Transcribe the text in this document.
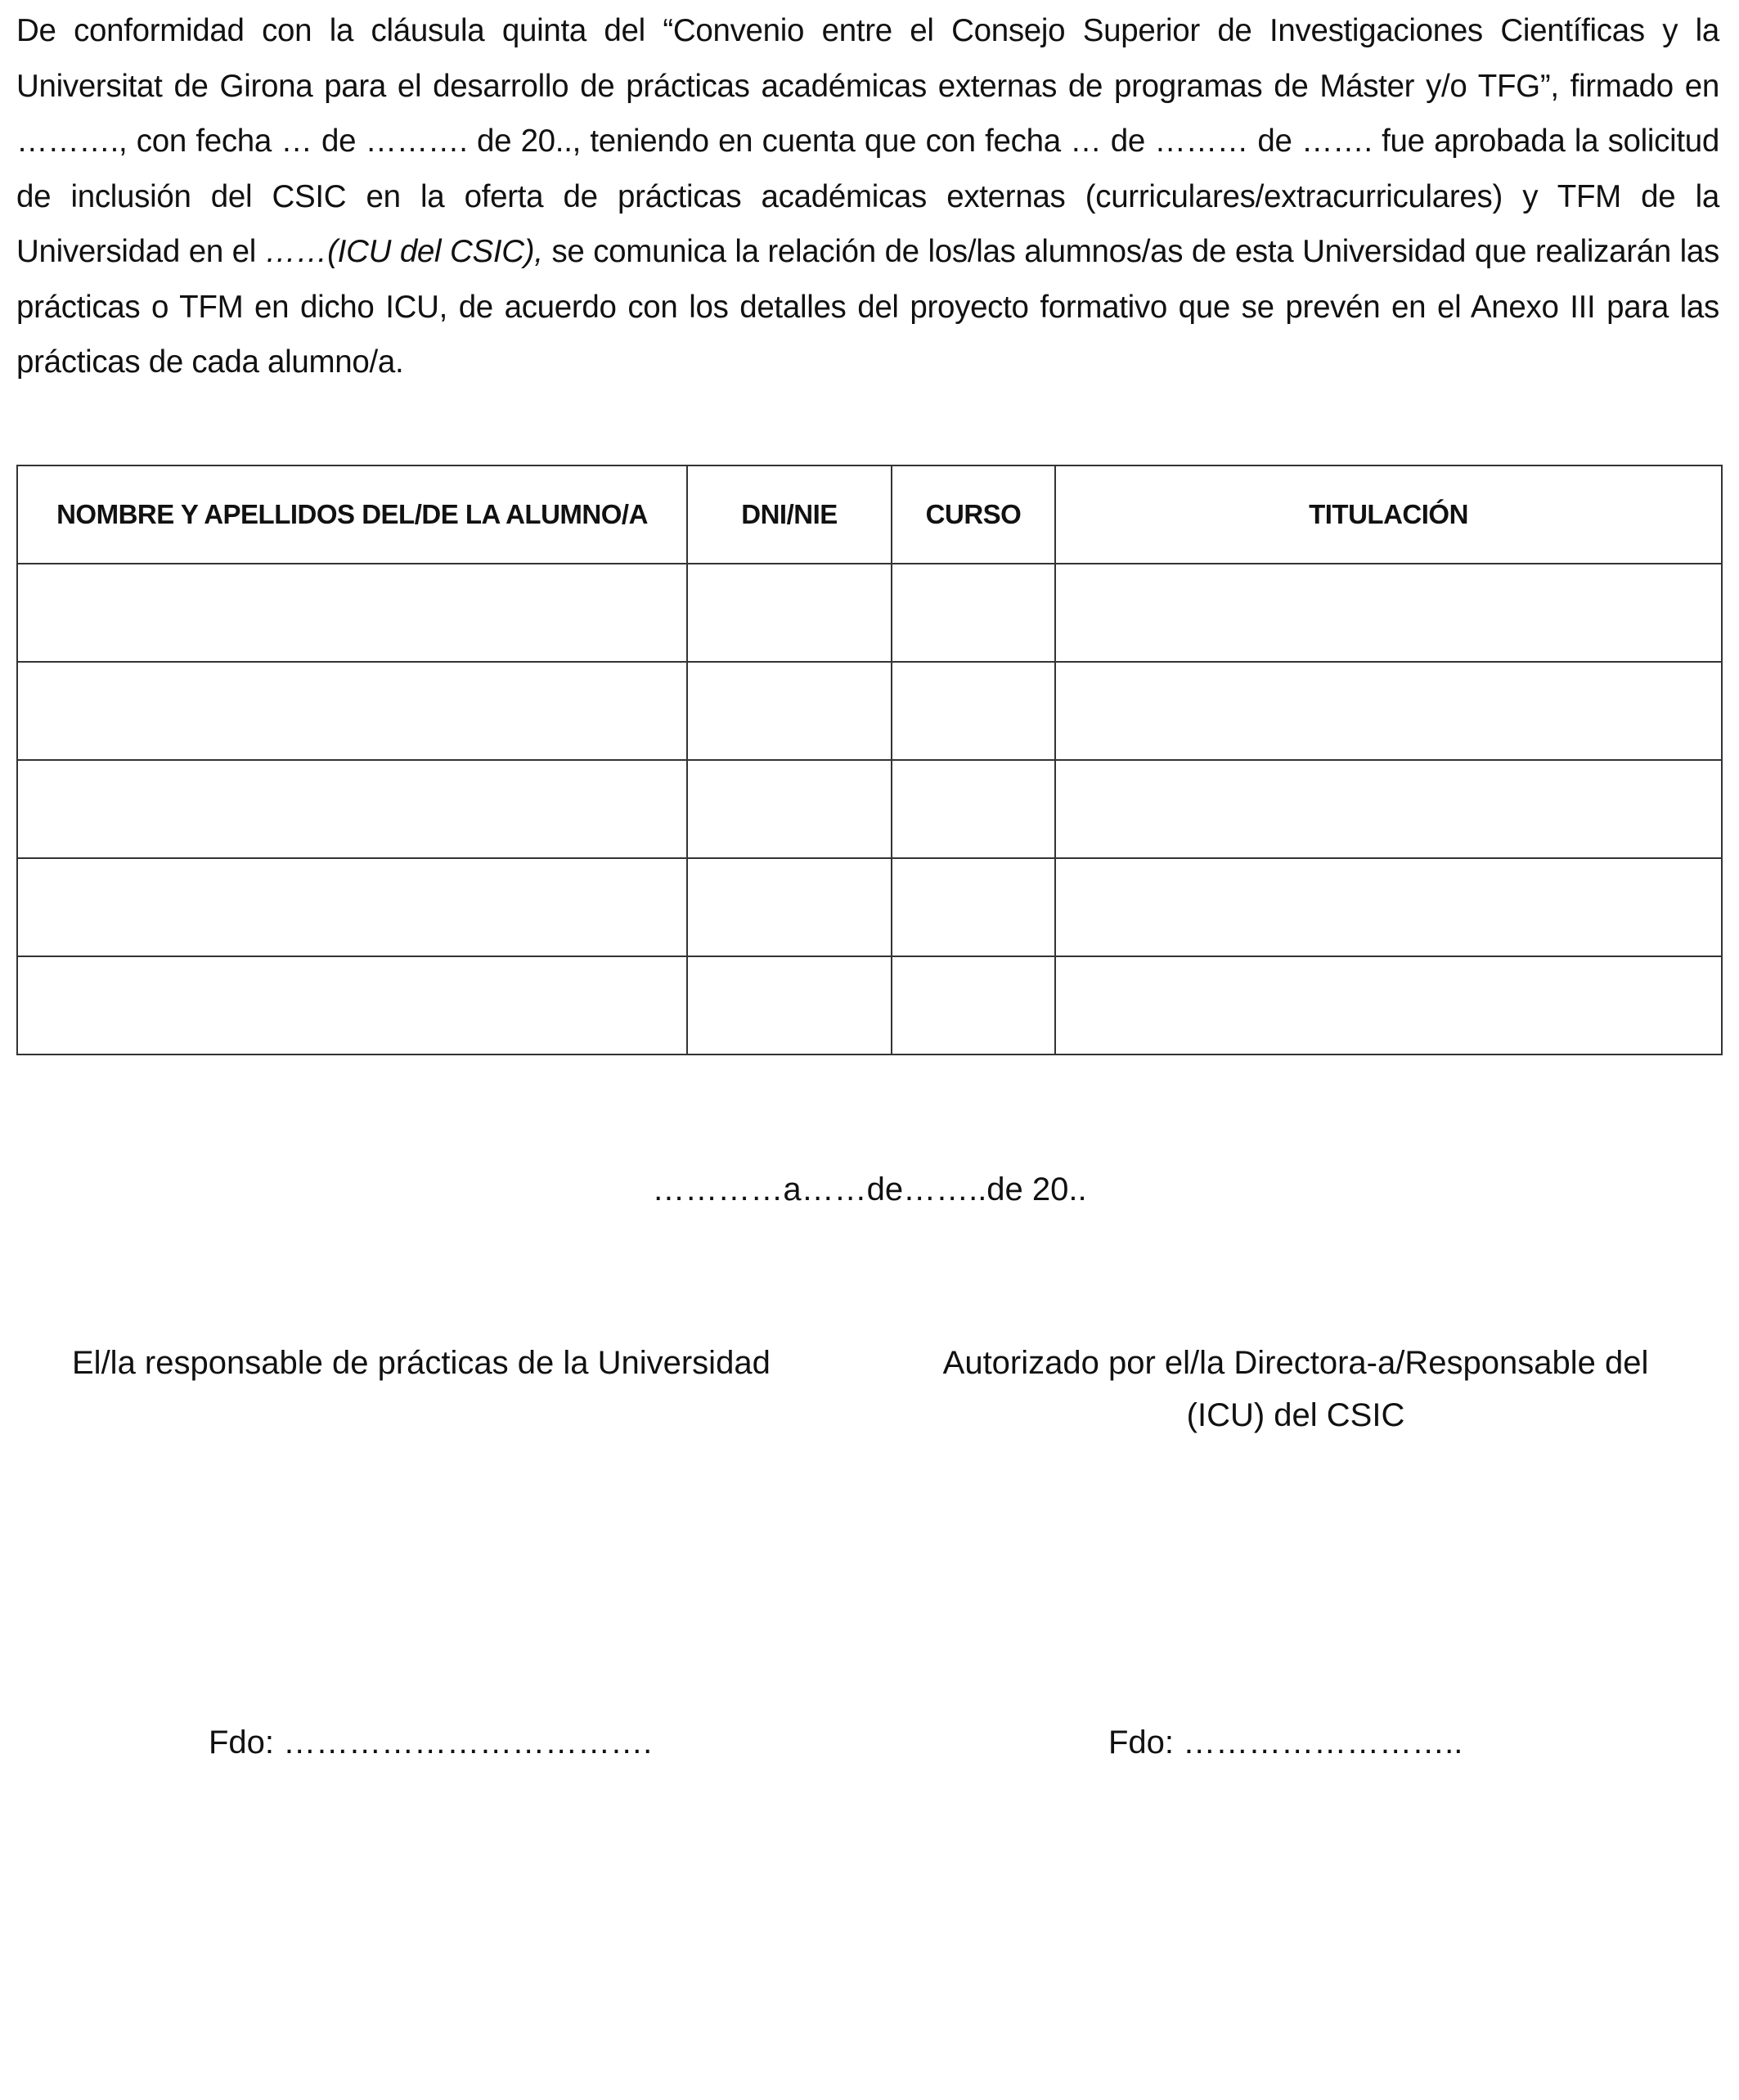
De conformidad con la cláusula quinta del “Convenio entre el Consejo Superior de Investigaciones Científicas y la Universitat de Girona para el desarrollo de prácticas académicas externas de programas de Máster y/o TFG”, firmado en ………., con fecha … de ………. de 20.., teniendo en cuenta que con fecha … de ……… de ……. fue aprobada la solicitud de inclusión del CSIC en la oferta de prácticas académicas externas (curriculares/extracurriculares) y TFM de la Universidad en el ……(ICU del CSIC), se comunica la relación de los/las alumnos/as de esta Universidad que realizarán las prácticas o TFM en dicho ICU, de acuerdo con los detalles del proyecto formativo que se prevén en el Anexo III para las prácticas de cada alumno/a.

NOMBRE Y APELLIDOS DEL/DE LA ALUMNO/A	DNI/NIE	CURSO	TITULACIÓN

…………a……de……..de 20..
El/la responsable de prácticas de la Universidad	Autorizado por el/la Directora-a/Responsable del
(ICU) del CSIC
Fdo: …………………………….	Fdo: ……………………..
